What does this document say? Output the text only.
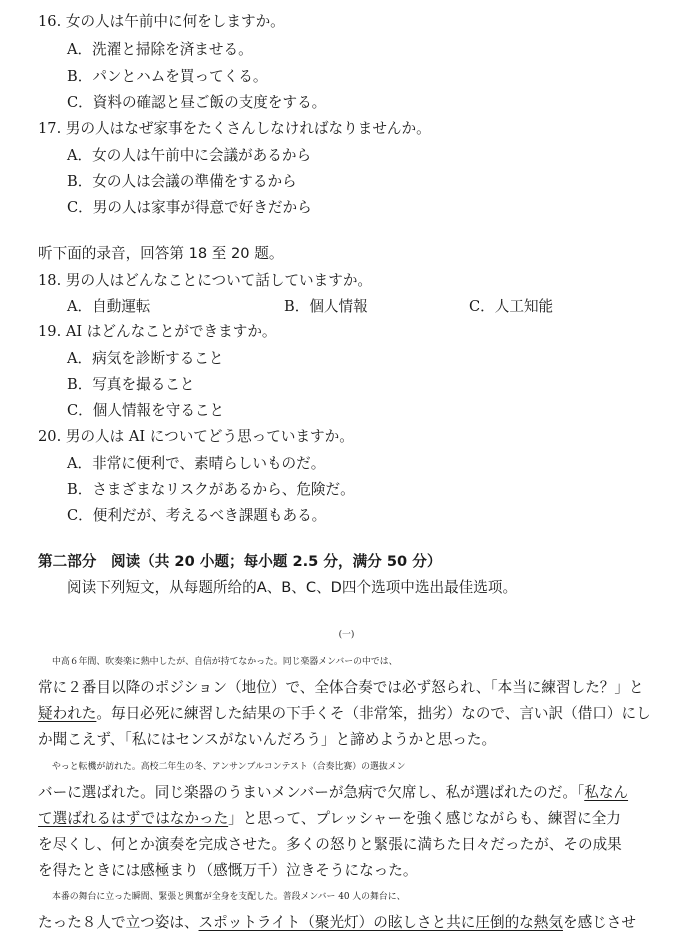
16. 女の人は午前中に何をしますか。
A．洗濯と掃除を済ませる。
B．パンとハムを買ってくる。
C．資料の確認と昼ご飯の支度をする。
17. 男の人はなぜ家事をたくさんしなければなりませんか。
A．女の人は午前中に会議があるから
B．女の人は会議の準備をするから
C．男の人は家事が得意で好きだから
听下面的录音，回答第 18 至 20 题。
18. 男の人はどんなことについて話していますか。
A．自動運転	B．個人情報	C．人工知能
19. AI はどんなことができますか。
A．病気を診断すること
B．写真を撮ること
C．個人情報を守ること
20. 男の人は AI についてどう思っていますか。
A．非常に便利で、素晴らしいものだ。
B．さまざまなリスクがあるから、危険だ。
C．便利だが、考えるべき課題もある。
第二部分　阅读（共 20 小题；每小题 2.5 分，满分 50 分）
阅读下列短文，从每题所给的A、B、C、D四个选项中选出最佳选项。
(一)
中高６年間、吹奏楽に熱中したが、自信が持てなかった。同じ楽器メンバーの中では、
常に２番目以降のポジション（地位）で、全体合奏では必ず怒られ、「本当に練習した？」と
疑われた。毎日必死に練習した結果の下手くそ（非常笨，拙劣）なので、言い訳（借口）にし
か聞こえず、「私にはセンスがないんだろう」と諦めようかと思った。
やっと転機が訪れた。高校二年生の冬、アンサンブルコンテスト（合奏比赛）の選抜メン
バーに選ばれた。同じ楽器のうまいメンバーが急病で欠席し、私が選ばれたのだ。「私なん
て選ばれるはずではなかった」と思って、プレッシャーを強く感じながらも、練習に全力
を尽くし、何とか演奏を完成させた。多くの怒りと緊張に満ちた日々だったが、その成果
を得たときには感極まり（感慨万千）泣きそうになった。
本番の舞台に立った瞬間、緊張と興奮が全身を支配した。普段メンバー 40 人の舞台に、
たった８人で立つ姿は、スポットライト（聚光灯）の眩しさと共に圧倒的な熱気を感じさせ
